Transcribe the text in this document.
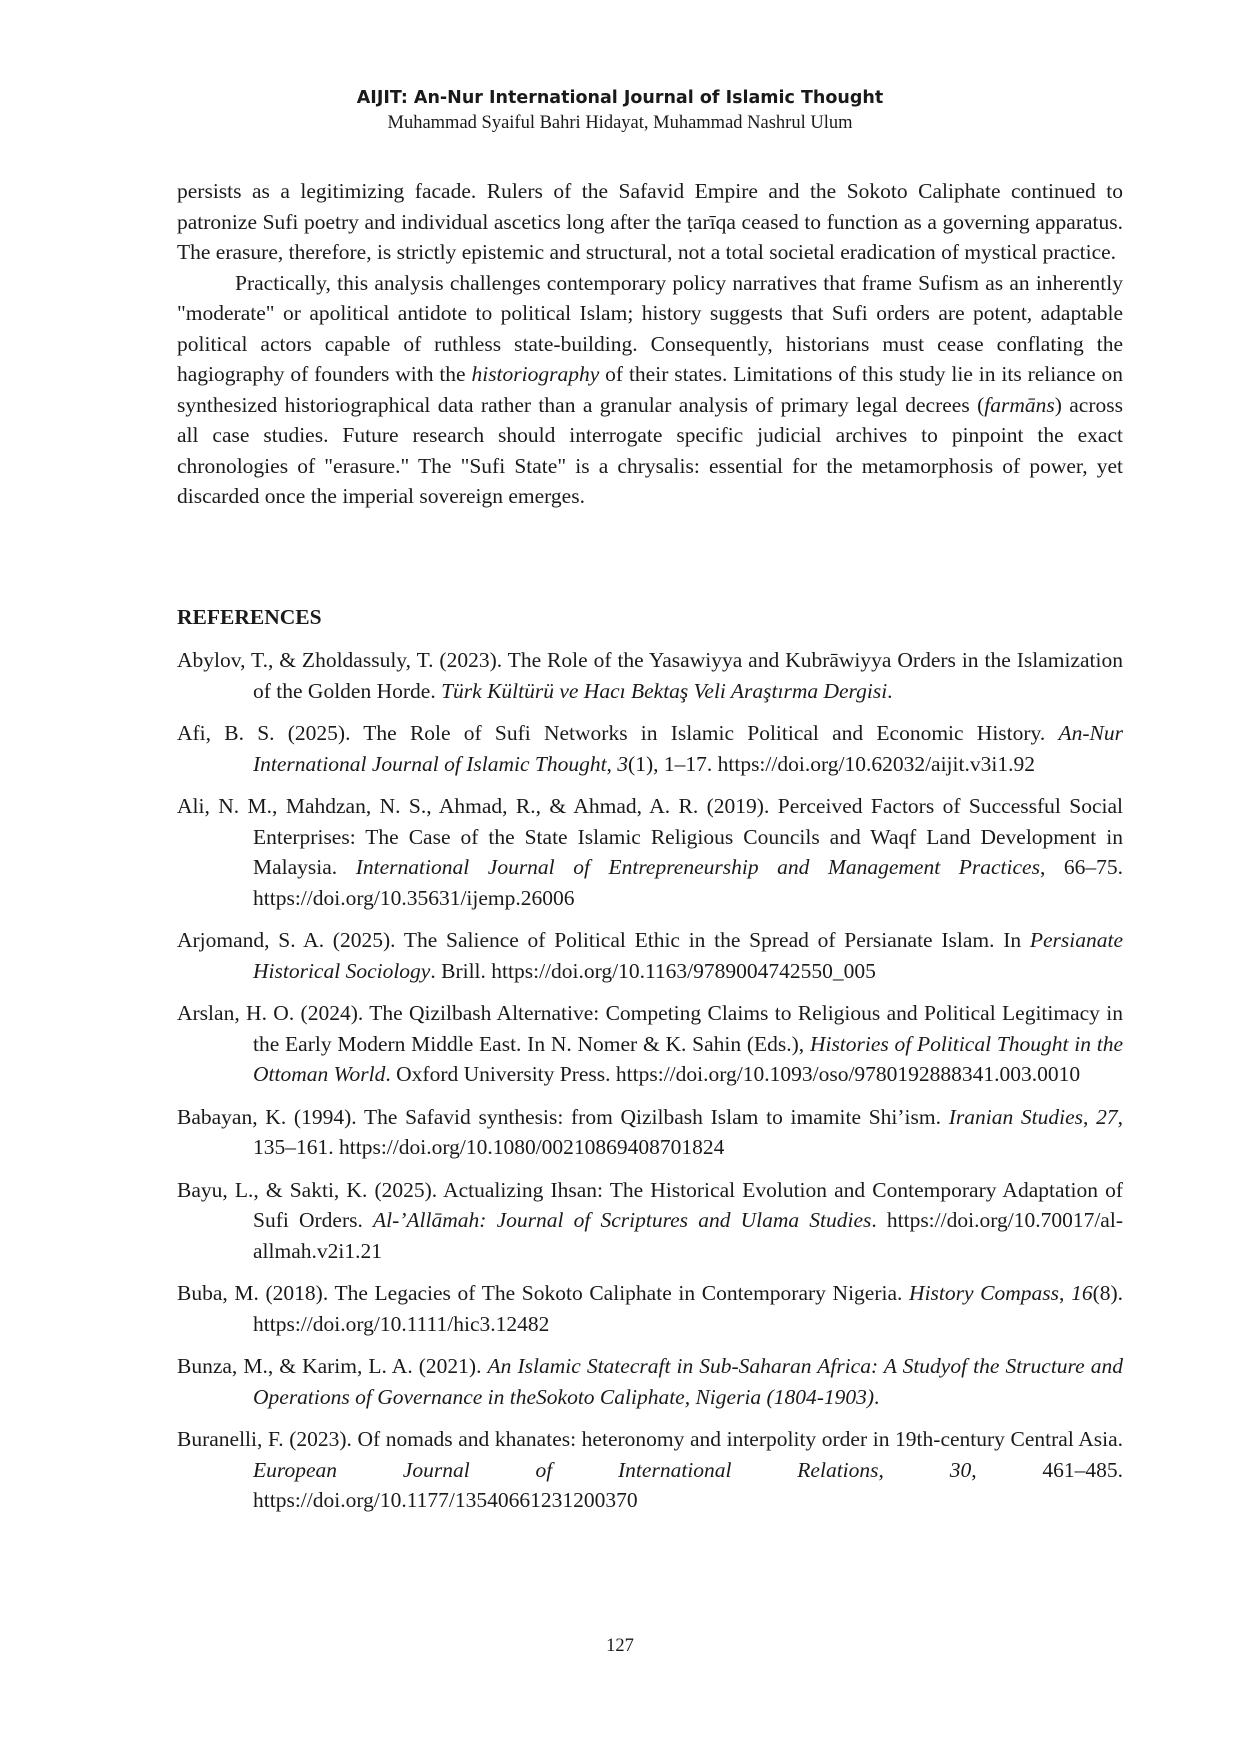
AIJIT: An-Nur International Journal of Islamic Thought
Muhammad Syaiful Bahri Hidayat, Muhammad Nashrul Ulum

persists as a legitimizing facade. Rulers of the Safavid Empire and the Sokoto Caliphate continued to patronize Sufi poetry and individual ascetics long after the ṭarīqa ceased to function as a governing apparatus. The erasure, therefore, is strictly epistemic and structural, not a total societal eradication of mystical practice.

Practically, this analysis challenges contemporary policy narratives that frame Sufism as an inherently "moderate" or apolitical antidote to political Islam; history suggests that Sufi orders are potent, adaptable political actors capable of ruthless state-building. Consequently, historians must cease conflating the hagiography of founders with the historiography of their states. Limitations of this study lie in its reliance on synthesized historiographical data rather than a granular analysis of primary legal decrees (farmāns) across all case studies. Future research should interrogate specific judicial archives to pinpoint the exact chronologies of "erasure." The "Sufi State" is a chrysalis: essential for the metamorphosis of power, yet discarded once the imperial sovereign emerges.

REFERENCES
Abylov, T., & Zholdassuly, T. (2023). The Role of the Yasawiyya and Kubrāwiyya Orders in the Islamization of the Golden Horde. Türk Kültürü ve Hacı Bektaş Veli Araştırma Dergisi.
Afi, B. S. (2025). The Role of Sufi Networks in Islamic Political and Economic History. An-Nur International Journal of Islamic Thought, 3(1), 1–17. https://doi.org/10.62032/aijit.v3i1.92
Ali, N. M., Mahdzan, N. S., Ahmad, R., & Ahmad, A. R. (2019). Perceived Factors of Successful Social Enterprises: The Case of the State Islamic Religious Councils and Waqf Land Development in Malaysia. International Journal of Entrepreneurship and Management Practices, 66–75. https://doi.org/10.35631/ijemp.26006
Arjomand, S. A. (2025). The Salience of Political Ethic in the Spread of Persianate Islam. In Persianate Historical Sociology. Brill. https://doi.org/10.1163/9789004742550_005
Arslan, H. O. (2024). The Qizilbash Alternative: Competing Claims to Religious and Political Legitimacy in the Early Modern Middle East. In N. Nomer & K. Sahin (Eds.), Histories of Political Thought in the Ottoman World. Oxford University Press. https://doi.org/10.1093/oso/9780192888341.003.0010
Babayan, K. (1994). The Safavid synthesis: from Qizilbash Islam to imamite Shi’ism. Iranian Studies, 27, 135–161. https://doi.org/10.1080/00210869408701824
Bayu, L., & Sakti, K. (2025). Actualizing Ihsan: The Historical Evolution and Contemporary Adaptation of Sufi Orders. Al-’Allāmah: Journal of Scriptures and Ulama Studies. https://doi.org/10.70017/al-allmah.v2i1.21
Buba, M. (2018). The Legacies of The Sokoto Caliphate in Contemporary Nigeria. History Compass, 16(8). https://doi.org/10.1111/hic3.12482
Bunza, M., & Karim, L. A. (2021). An Islamic Statecraft in Sub-Saharan Africa: A Studyof the Structure and Operations of Governance in theSokoto Caliphate, Nigeria (1804-1903).
Buranelli, F. (2023). Of nomads and khanates: heteronomy and interpolity order in 19th-century Central Asia. European Journal of International Relations, 30, 461–485. https://doi.org/10.1177/13540661231200370
127
